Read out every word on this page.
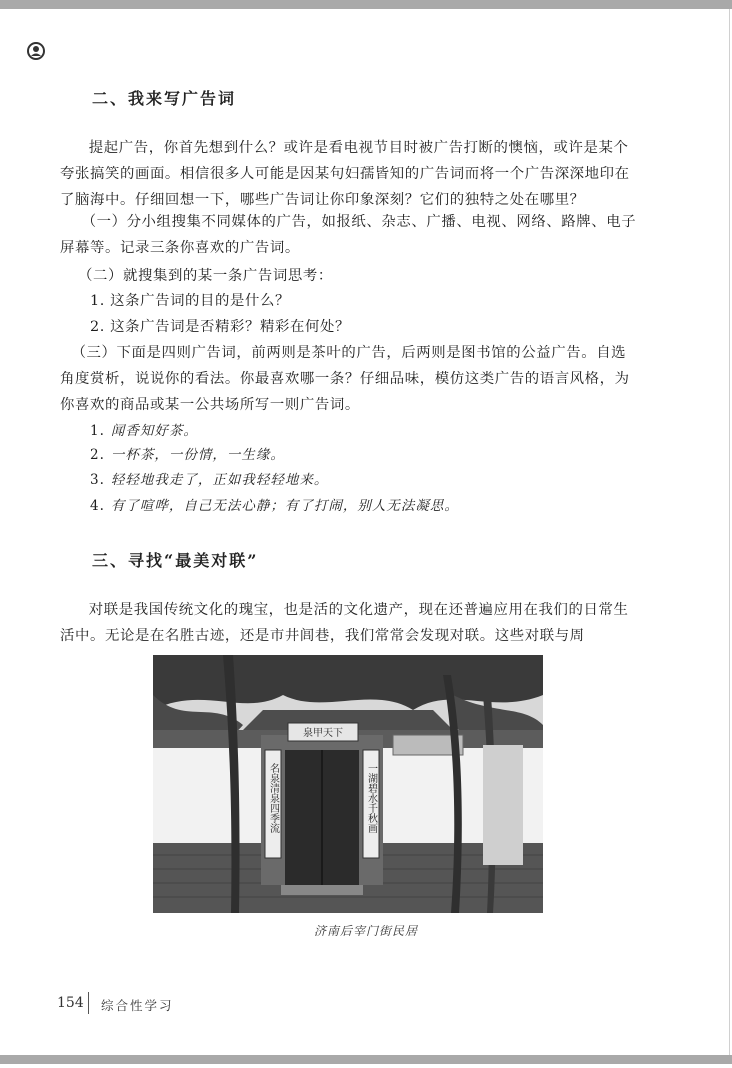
二、我来写广告词

提起广告，你首先想到什么？或许是看电视节目时被广告打断的懊恼，或许是某个夸张搞笑的画面。相信很多人可能是因某句妇孺皆知的广告词而将一个广告深深地印在了脑海中。仔细回想一下，哪些广告词让你印象深刻？它们的独特之处在哪里？

（一）分小组搜集不同媒体的广告，如报纸、杂志、广播、电视、网络、路牌、电子屏幕等。记录三条你喜欢的广告词。

（二）就搜集到的某一条广告词思考：
1. 这条广告词的目的是什么？
2. 这条广告词是否精彩？精彩在何处？

（三）下面是四则广告词，前两则是茶叶的广告，后两则是图书馆的公益广告。自选角度赏析，说说你的看法。你最喜欢哪一条？仔细品味，模仿这类广告的语言风格，为你喜欢的商品或某一公共场所写一则广告词。

1. 闻香知好茶。
2. 一杯茶，一份情，一生缘。
3. 轻轻地我走了，正如我轻轻地来。
4. 有了喧哗，自己无法心静；有了打闹，别人无法凝思。
三、寻找“最美对联”

对联是我国传统文化的瑰宝，也是活的文化遗产，现在还普遍应用在我们的日常生活中。无论是在名胜古迹，还是市井闾巷，我们常常会发现对联。这些对联与周

泉甲天下
名泉清泉四季流	一湖碧水千秋画
济南后宰门街民居
154 综合性学习
